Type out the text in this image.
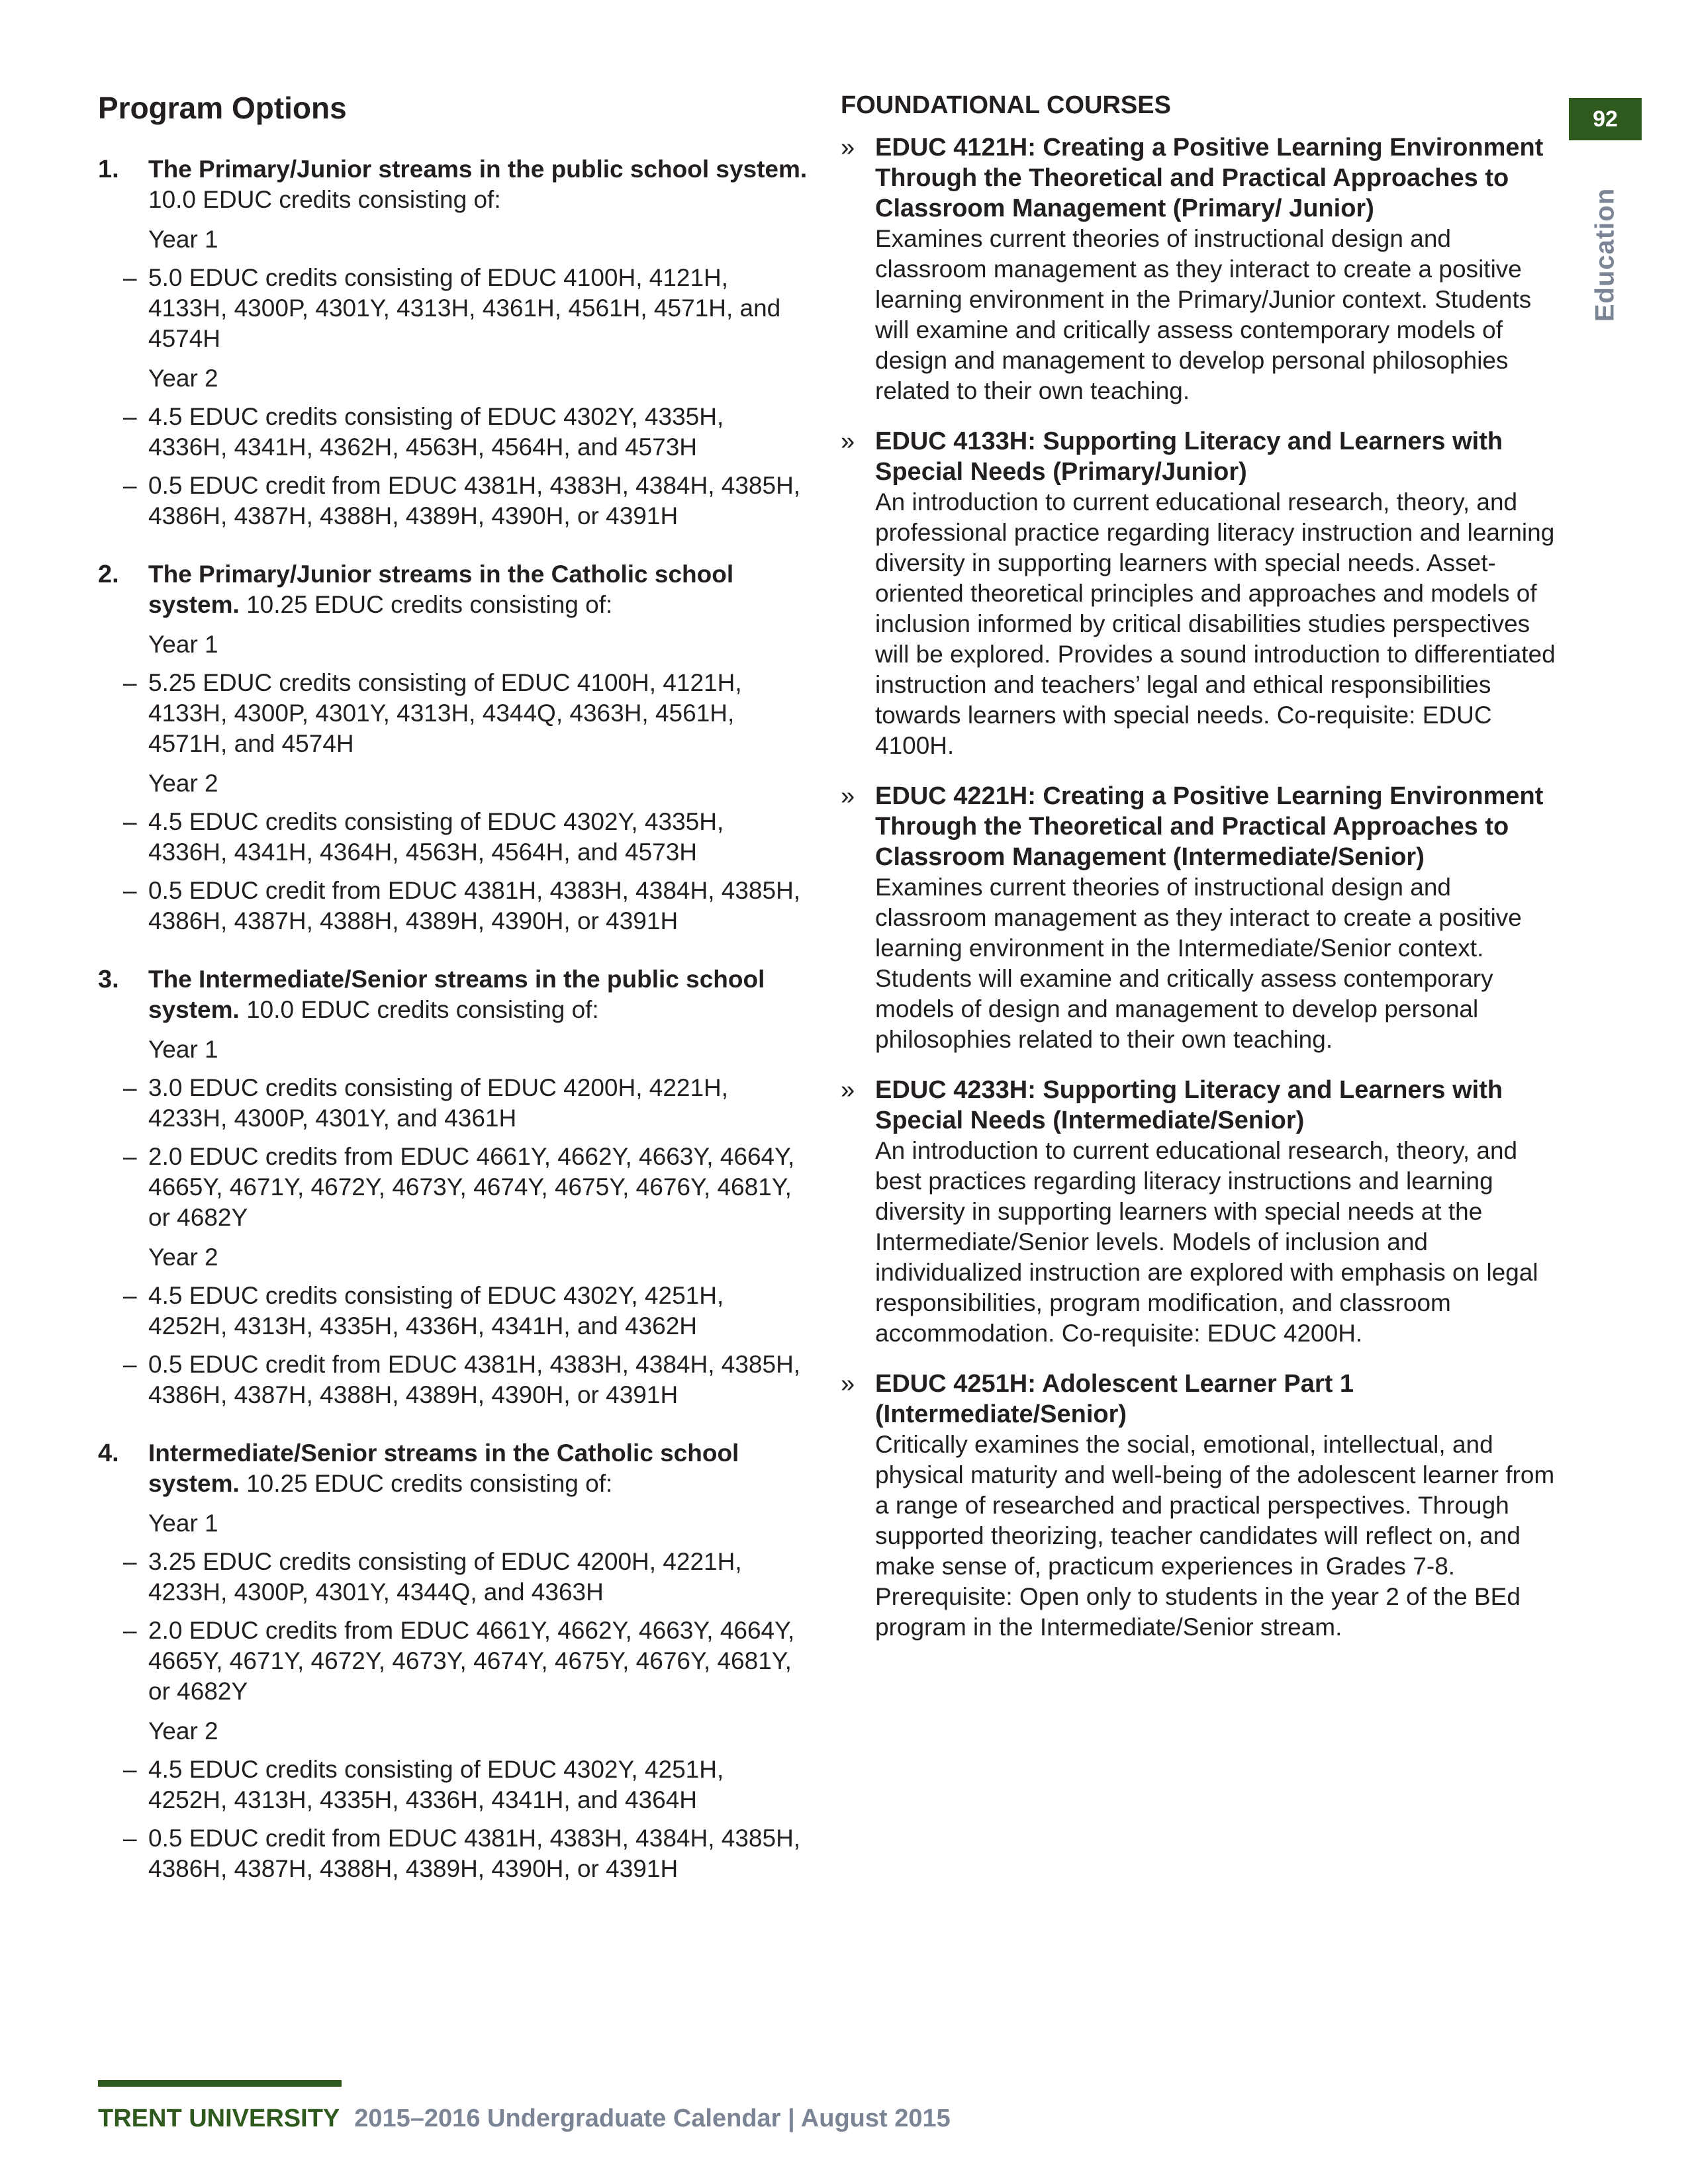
Program Options
1.	The Primary/Junior streams in the public school system. 10.0 EDUC credits consisting of:
Year 1
– 5.0 EDUC credits consisting of EDUC 4100H, 4121H, 4133H, 4300P, 4301Y, 4313H, 4361H, 4561H, 4571H, and 4574H
Year 2
– 4.5 EDUC credits consisting of EDUC 4302Y, 4335H, 4336H, 4341H, 4362H, 4563H, 4564H, and 4573H
– 0.5 EDUC credit from EDUC 4381H, 4383H, 4384H, 4385H, 4386H, 4387H, 4388H, 4389H, 4390H, or 4391H
2.	The Primary/Junior streams in the Catholic school system. 10.25 EDUC credits consisting of:
Year 1
– 5.25 EDUC credits consisting of EDUC 4100H, 4121H, 4133H, 4300P, 4301Y, 4313H, 4344Q, 4363H, 4561H, 4571H, and 4574H
Year 2
– 4.5 EDUC credits consisting of EDUC 4302Y, 4335H, 4336H, 4341H, 4364H, 4563H, 4564H, and 4573H
– 0.5 EDUC credit from EDUC 4381H, 4383H, 4384H, 4385H, 4386H, 4387H, 4388H, 4389H, 4390H, or 4391H
3.	The Intermediate/Senior streams in the public school system. 10.0 EDUC credits consisting of:
Year 1
– 3.0 EDUC credits consisting of EDUC 4200H, 4221H, 4233H, 4300P, 4301Y, and 4361H
– 2.0 EDUC credits from EDUC 4661Y, 4662Y, 4663Y, 4664Y, 4665Y, 4671Y, 4672Y, 4673Y, 4674Y, 4675Y, 4676Y, 4681Y, or 4682Y
Year 2
– 4.5 EDUC credits consisting of EDUC 4302Y, 4251H, 4252H, 4313H, 4335H, 4336H, 4341H, and 4362H
– 0.5 EDUC credit from EDUC 4381H, 4383H, 4384H, 4385H, 4386H, 4387H, 4388H, 4389H, 4390H, or 4391H
4.	Intermediate/Senior streams in the Catholic school system. 10.25 EDUC credits consisting of:
Year 1
– 3.25 EDUC credits consisting of EDUC 4200H, 4221H, 4233H, 4300P, 4301Y, 4344Q, and 4363H
– 2.0 EDUC credits from EDUC 4661Y, 4662Y, 4663Y, 4664Y, 4665Y, 4671Y, 4672Y, 4673Y, 4674Y, 4675Y, 4676Y, 4681Y, or 4682Y
Year 2
– 4.5 EDUC credits consisting of EDUC 4302Y, 4251H, 4252H, 4313H, 4335H, 4336H, 4341H, and 4364H
– 0.5 EDUC credit from EDUC 4381H, 4383H, 4384H, 4385H, 4386H, 4387H, 4388H, 4389H, 4390H, or 4391H
FOUNDATIONAL COURSES
» EDUC 4121H: Creating a Positive Learning Environment Through the Theoretical and Practical Approaches to Classroom Management (Primary/ Junior)
Examines current theories of instructional design and classroom management as they interact to create a positive learning environment in the Primary/Junior context. Students will examine and critically assess contemporary models of design and management to develop personal philosophies related to their own teaching.
» EDUC 4133H: Supporting Literacy and Learners with Special Needs (Primary/Junior)
An introduction to current educational research, theory, and professional practice regarding literacy instruction and learning diversity in supporting learners with special needs. Asset-oriented theoretical principles and approaches and models of inclusion informed by critical disabilities studies perspectives will be explored. Provides a sound introduction to differentiated instruction and teachers’ legal and ethical responsibilities towards learners with special needs. Co-requisite: EDUC 4100H.
» EDUC 4221H: Creating a Positive Learning Environment Through the Theoretical and Practical Approaches to Classroom Management (Intermediate/Senior)
Examines current theories of instructional design and classroom management as they interact to create a positive learning environment in the Intermediate/Senior context. Students will examine and critically assess contemporary models of design and management to develop personal philosophies related to their own teaching.
» EDUC 4233H: Supporting Literacy and Learners with Special Needs (Intermediate/Senior)
An introduction to current educational research, theory, and best practices regarding literacy instructions and learning diversity in supporting learners with special needs at the Intermediate/Senior levels. Models of inclusion and individualized instruction are explored with emphasis on legal responsibilities, program modification, and classroom accommodation. Co-requisite: EDUC 4200H.
» EDUC 4251H: Adolescent Learner Part 1 (Intermediate/Senior)
Critically examines the social, emotional, intellectual, and physical maturity and well-being of the adolescent learner from a range of researched and practical perspectives. Through supported theorizing, teacher candidates will reflect on, and make sense of, practicum experiences in Grades 7-8. Prerequisite: Open only to students in the year 2 of the BEd program in the Intermediate/Senior stream.
92
Education
TRENT UNIVERSITY 2015–2016 Undergraduate Calendar | August 2015
